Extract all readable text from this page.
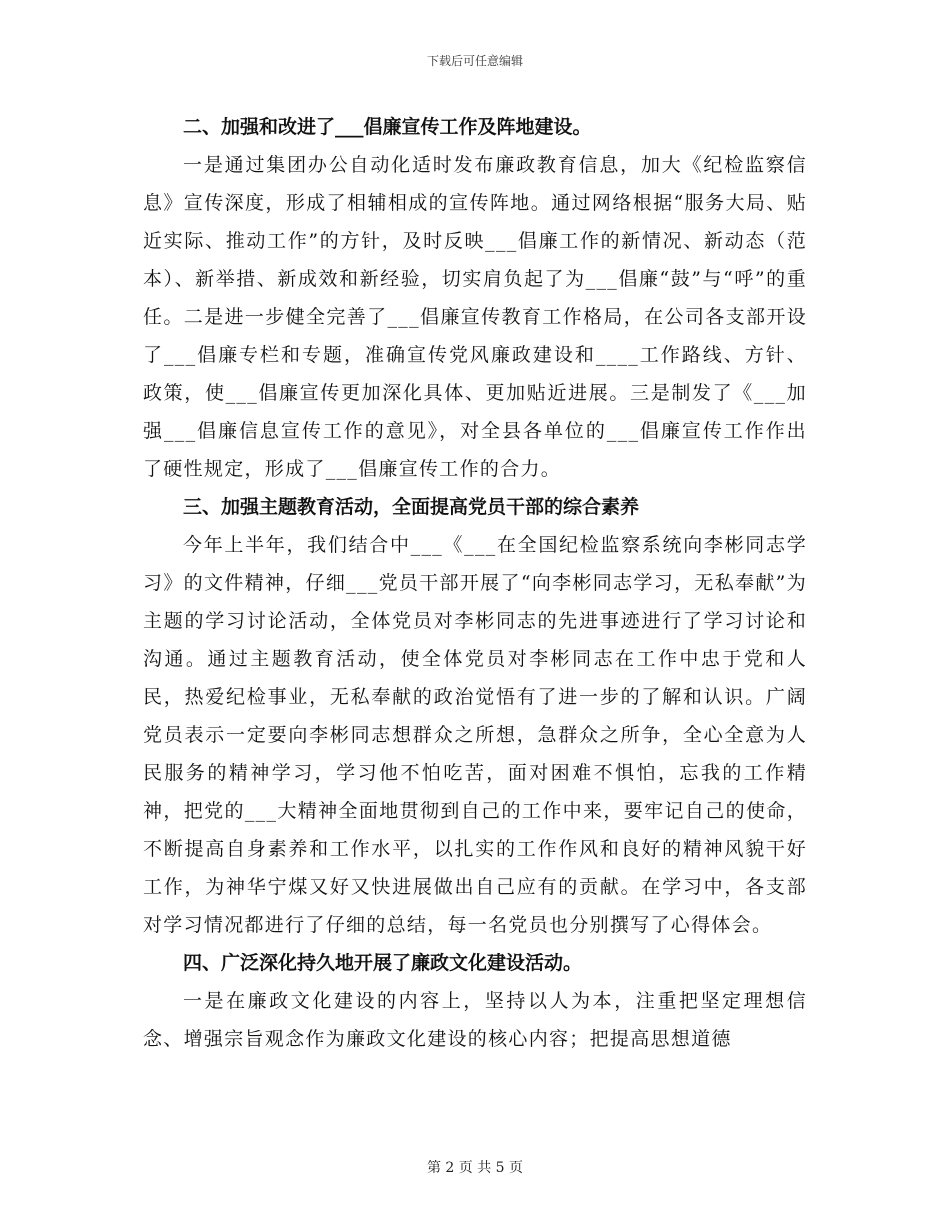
下载后可任意编辑

二、加强和改进了___倡廉宣传工作及阵地建设。

一是通过集团办公自动化适时发布廉政教育信息，加大《纪检监察信息》宣传深度，形成了相辅相成的宣传阵地。通过网络根据“服务大局、贴近实际、推动工作”的方针，及时反映___倡廉工作的新情况、新动态（范本）、新举措、新成效和新经验，切实肩负起了为___倡廉“鼓”与“呼”的重任。二是进一步健全完善了___倡廉宣传教育工作格局，在公司各支部开设了___倡廉专栏和专题，准确宣传党风廉政建设和____工作路线、方针、政策，使___倡廉宣传更加深化具体、更加贴近进展。三是制发了《___加强___倡廉信息宣传工作的意见》，对全县各单位的___倡廉宣传工作作出了硬性规定，形成了___倡廉宣传工作的合力。

三、加强主题教育活动，全面提高党员干部的综合素养

今年上半年，我们结合中___《___在全国纪检监察系统向李彬同志学习》的文件精神，仔细___党员干部开展了“向李彬同志学习，无私奉献”为主题的学习讨论活动，全体党员对李彬同志的先进事迹进行了学习讨论和沟通。通过主题教育活动，使全体党员对李彬同志在工作中忠于党和人民，热爱纪检事业，无私奉献的政治觉悟有了进一步的了解和认识。广阔党员表示一定要向李彬同志想群众之所想，急群众之所争，全心全意为人民服务的精神学习，学习他不怕吃苦，面对困难不惧怕，忘我的工作精神，把党的___大精神全面地贯彻到自己的工作中来，要牢记自己的使命，不断提高自身素养和工作水平，以扎实的工作作风和良好的精神风貌干好工作，为神华宁煤又好又快进展做出自己应有的贡献。在学习中，各支部对学习情况都进行了仔细的总结，每一名党员也分别撰写了心得体会。

四、广泛深化持久地开展了廉政文化建设活动。

一是在廉政文化建设的内容上，坚持以人为本，注重把坚定理想信念、增强宗旨观念作为廉政文化建设的核心内容；把提高思想道德

第 2 页 共 5 页
